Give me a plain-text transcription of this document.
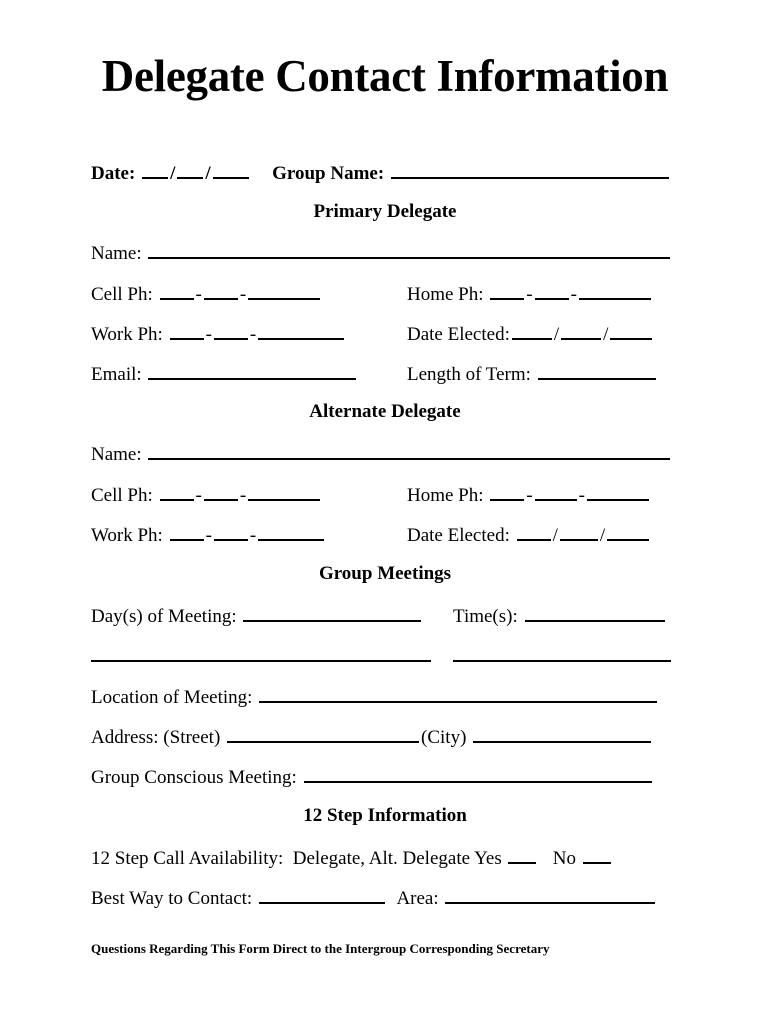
Delegate Contact Information
Date: / /	Group Name:
Primary Delegate
Name:
Cell Ph: - -	Home Ph: - -
Work Ph: - -	Date Elected: / /
Email:	Length of Term:
Alternate Delegate
Name:
Cell Ph: - -	Home Ph: - -
Work Ph: - -	Date Elected: / /
Group Meetings
Day(s) of Meeting:	Time(s):
Location of Meeting:
Address: (Street)	(City)
Group Conscious Meeting:
12 Step Information
12 Step Call Availability: Delegate, Alt. Delegate Yes	No
Best Way to Contact:	Area:
Questions Regarding This Form Direct to the Intergroup Corresponding Secretary
